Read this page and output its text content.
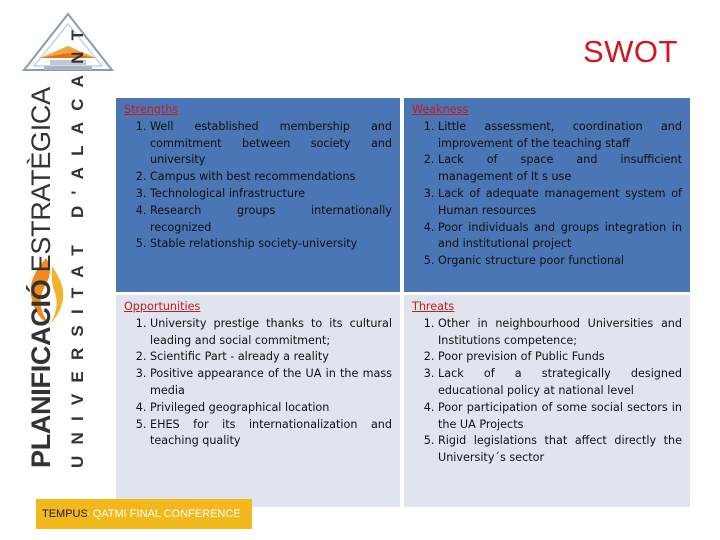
SWOT
PLANIFICACIÓ ESTRATÈGICA UNIVERSITAT D'ALACANT	Strengths

1. Well established membership and commitment between society and university
2. Campus with best recommendations
3. Technological infrastructure
4. Research groups internationally recognized
5. Stable relationship society-university

Weakness

1. Little assessment, coordination and improvement of the teaching staff
2. Lack of space and insufficient management of It s use
3. Lack of adequate management system of Human resources
4. Poor individuals and groups integration in and institutional project
5. Organic structure poor functional

Opportunities

1. University prestige thanks to its cultural leading and social commitment;
2. Scientific Part - already a reality
3. Positive appearance of the UA in the mass media
4. Privileged geographical location
5. EHES for its internationalization and teaching quality

Threats

1. Other in neighbourhood Universities and Institutions competence;
2. Poor prevision of Public Funds
3. Lack of a strategically designed educational policy at national level
4. Poor participation of some social sectors in the UA Projects
5. Rigid legislations that affect directly the University´s sector
TEMPUS
- QATMI FINAL CONFERENCE
